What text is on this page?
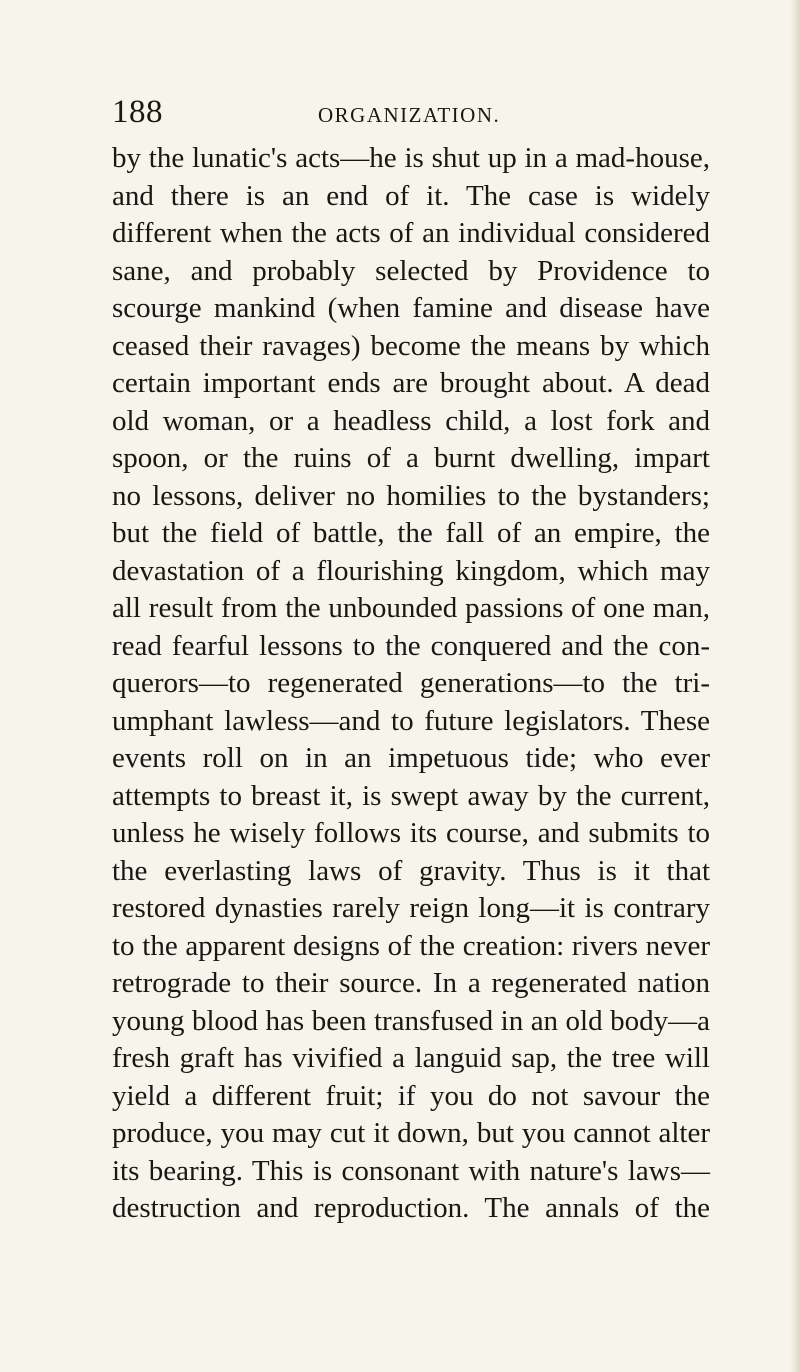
188	ORGANIZATION.
by the lunatic's acts—he is shut up in a mad-house,
and there is an end of it. The case is widely
different when the acts of an individual considered
sane, and probably selected by Providence to
scourge mankind (when famine and disease have
ceased their ravages) become the means by which
certain important ends are brought about. A dead
old woman, or a headless child, a lost fork and
spoon, or the ruins of a burnt dwelling, impart
no lessons, deliver no homilies to the bystanders;
but the field of battle, the fall of an empire, the
devastation of a flourishing kingdom, which may
all result from the unbounded passions of one man,
read fearful lessons to the conquered and the con-
querors—to regenerated generations—to the tri-
umphant lawless—and to future legislators. These
events roll on in an impetuous tide; who ever
attempts to breast it, is swept away by the current,
unless he wisely follows its course, and submits to
the everlasting laws of gravity. Thus is it that
restored dynasties rarely reign long—it is contrary
to the apparent designs of the creation: rivers never
retrograde to their source. In a regenerated nation
young blood has been transfused in an old body—a
fresh graft has vivified a languid sap, the tree will
yield a different fruit; if you do not savour the
produce, you may cut it down, but you cannot alter
its bearing. This is consonant with nature's laws—
destruction and reproduction. The annals of the
